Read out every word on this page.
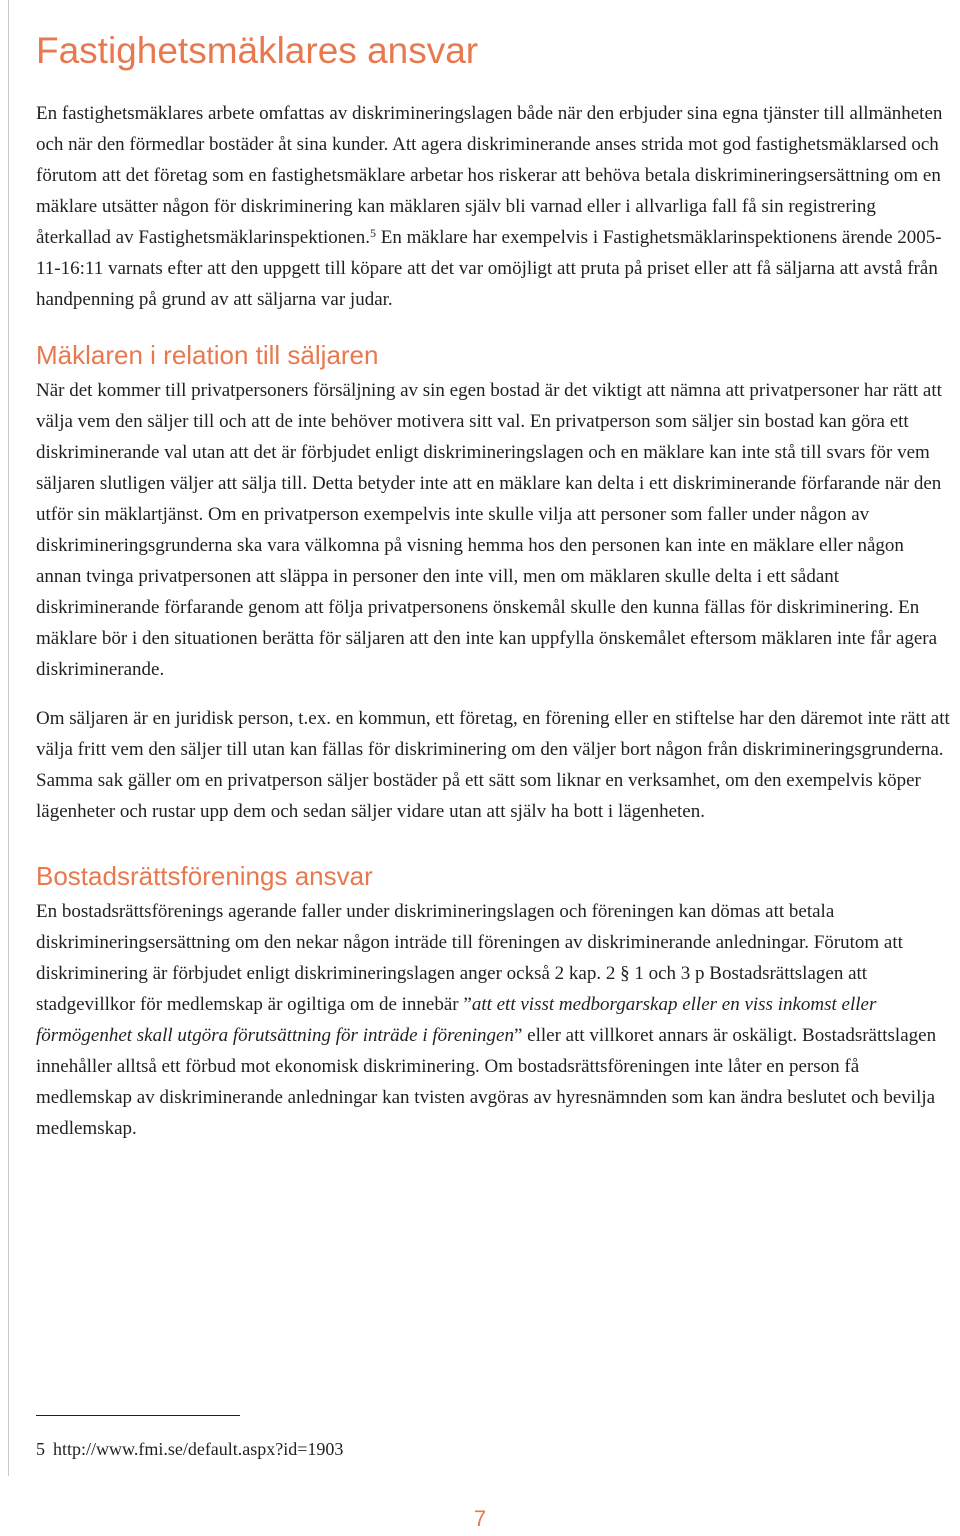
Fastighetsmäklares ansvar

En fastighetsmäklares arbete omfattas av diskrimineringslagen både när den erbjuder sina egna tjänster till allmänheten och när den förmedlar bostäder åt sina kunder. Att agera diskriminerande anses strida mot god fastighetsmäklarsed och förutom att det företag som en fastighetsmäklare arbetar hos riskerar att behöva betala diskrimineringsersättning om en mäklare utsätter någon för diskriminering kan mäklaren själv bli varnad eller i allvarliga fall få sin registrering återkallad av Fastighetsmäklarinspektionen.$^5$ En mäklare har exempelvis i Fastighetsmäklarinspektionens ärende 2005-11-16:11 varnats efter att den uppgett till köpare att det var omöjligt att pruta på priset eller att få säljarna att avstå från handpenning på grund av att säljarna var judar.

Mäklaren i relation till säljaren

När det kommer till privatpersoners försäljning av sin egen bostad är det viktigt att nämna att privatpersoner har rätt att välja vem den säljer till och att de inte behöver motivera sitt val. En privatperson som säljer sin bostad kan göra ett diskriminerande val utan att det är förbjudet enligt diskrimineringslagen och en mäklare kan inte stå till svars för vem säljaren slutligen väljer att sälja till. Detta betyder inte att en mäklare kan delta i ett diskriminerande förfarande när den utför sin mäklartjänst. Om en privatperson exempelvis inte skulle vilja att personer som faller under någon av diskrimineringsgrunderna ska vara välkomna på visning hemma hos den personen kan inte en mäklare eller någon annan tvinga privatpersonen att släppa in personer den inte vill, men om mäklaren skulle delta i ett sådant diskriminerande förfarande genom att följa privatpersonens önskemål skulle den kunna fällas för diskriminering. En mäklare bör i den situationen berätta för säljaren att den inte kan uppfylla önskemålet eftersom mäklaren inte får agera diskriminerande.

Om säljaren är en juridisk person, t.ex. en kommun, ett företag, en förening eller en stiftelse har den däremot inte rätt att välja fritt vem den säljer till utan kan fällas för diskriminering om den väljer bort någon från diskrimineringsgrunderna. Samma sak gäller om en privatperson säljer bostäder på ett sätt som liknar en verksamhet, om den exempelvis köper lägenheter och rustar upp dem och sedan säljer vidare utan att själv ha bott i lägenheten.

Bostadsrättsförenings ansvar

En bostadsrättsförenings agerande faller under diskrimineringslagen och föreningen kan dömas att betala diskrimineringsersättning om den nekar någon inträde till föreningen av diskriminerande anledningar. Förutom att diskriminering är förbjudet enligt diskrimineringslagen anger också 2 kap. 2 § 1 och 3 p Bostadsrättslagen att stadgevillkor för medlemskap är ogiltiga om de innebär ”att ett visst medborgarskap eller en viss inkomst eller förmögenhet skall utgöra förutsättning för inträde i föreningen” eller att villkoret annars är oskäligt. Bostadsrättslagen innehåller alltså ett förbud mot ekonomisk diskriminering. Om bostadsrättsföreningen inte låter en person få medlemskap av diskriminerande anledningar kan tvisten avgöras av hyresnämnden som kan ändra beslutet och bevilja medlemskap.

5 http://www.fmi.se/default.aspx?id=1903
7
